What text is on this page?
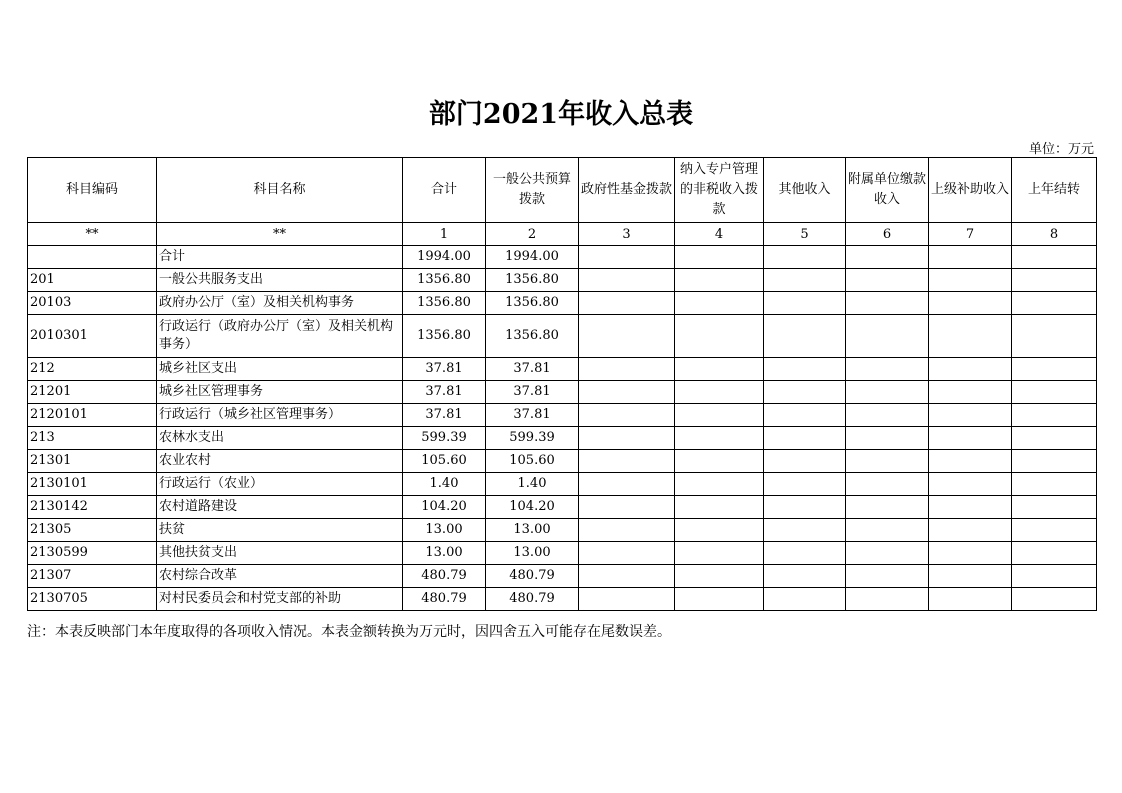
部门2021年收入总表
单位：万元
科目编码	科目名称	合计	一般公共预算拨款	政府性基金拨款	纳入专户管理的非税收入拨款	其他收入	附属单位缴款收入	上级补助收入	上年结转
**	**	1	2	3	4	5	6	7	8
	合计	1994.00	1994.00						
201	一般公共服务支出	1356.80	1356.80						
20103	政府办公厅（室）及相关机构事务	1356.80	1356.80						
2010301	行政运行（政府办公厅（室）及相关机构事务）	1356.80	1356.80						
212	城乡社区支出	37.81	37.81						
21201	城乡社区管理事务	37.81	37.81						
2120101	行政运行（城乡社区管理事务）	37.81	37.81						
213	农林水支出	599.39	599.39						
21301	农业农村	105.60	105.60						
2130101	行政运行（农业）	1.40	1.40						
2130142	农村道路建设	104.20	104.20						
21305	扶贫	13.00	13.00						
2130599	其他扶贫支出	13.00	13.00						
21307	农村综合改革	480.79	480.79						
2130705	对村民委员会和村党支部的补助	480.79	480.79						
注：本表反映部门本年度取得的各项收入情况。本表金额转换为万元时，因四舍五入可能存在尾数误差。
